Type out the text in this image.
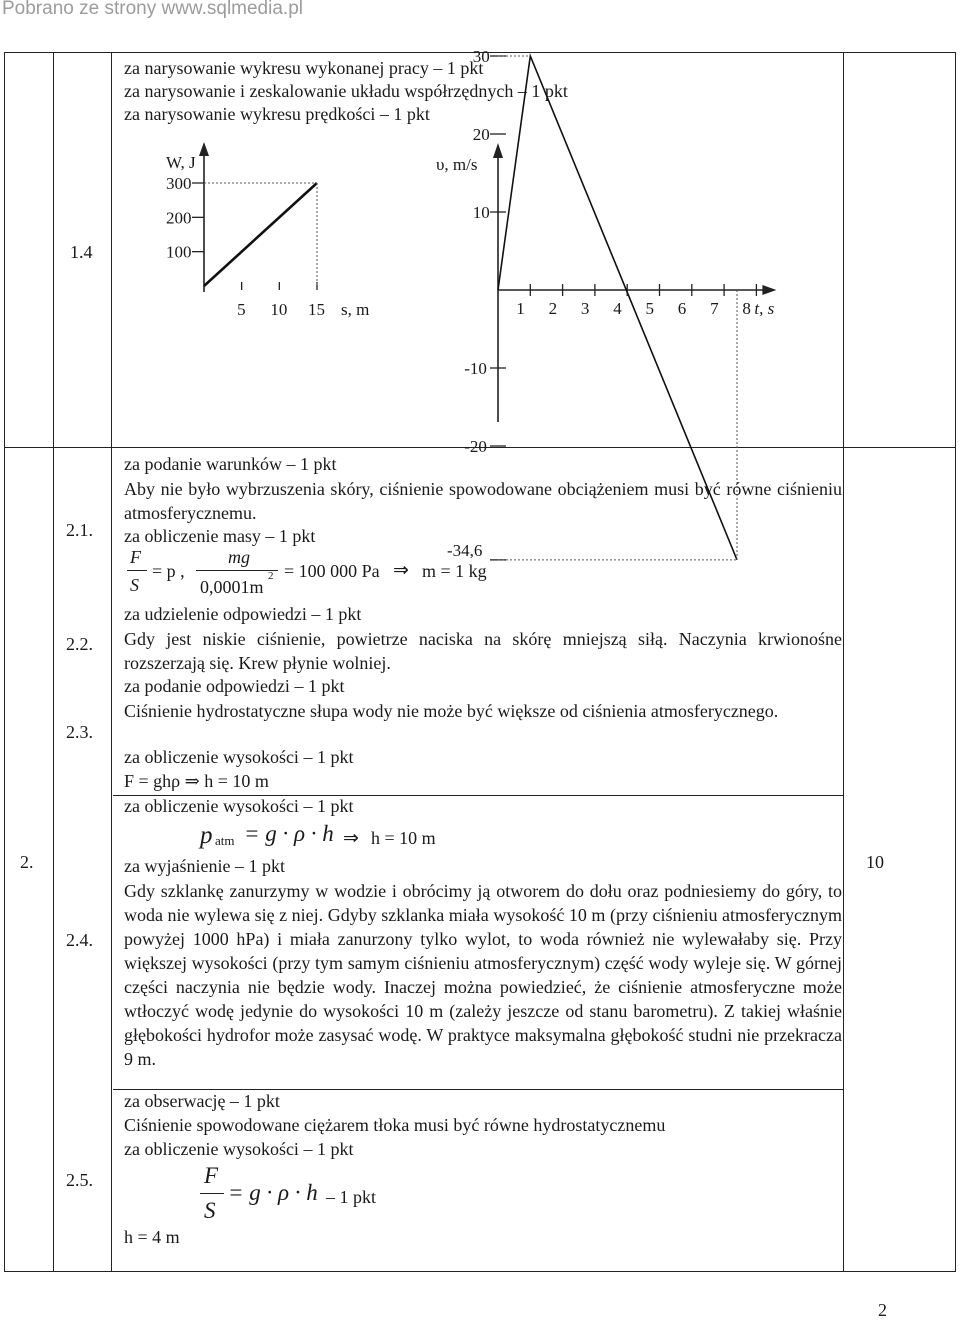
Pobrano ze strony www.sqlmedia.pl
1.4
za narysowanie wykresu wykonanej pracy – 1 pkt
za narysowanie i zeskalowanie układu współrzędnych – 1 pkt
za narysowanie wykresu prędkości – 1 pkt
W, J
5 10 15 s, m
300
200
100
υ, m/s
1 2 3 4 5 6 7 8 t, s
30
20
10
-10
-20
-34,6
2.	10
2.1.
2.2.
2.3.
2.4.
2.5.
za podanie warunków – 1 pkt
Aby nie było wybrzuszenia skóry, ciśnienie spowodowane obciążeniem musi być równe ciśnieniu atmosferycznemu.
za obliczenie masy – 1 pkt
F
S
= p ,
mg
0,0001m
2 = 100 000 Pa ⇒ m = 1 kg
za udzielenie odpowiedzi – 1 pkt
Gdy jest niskie ciśnienie, powietrze naciska na skórę mniejszą siłą. Naczynia krwionośne rozszerzają się. Krew płynie wolniej.
za podanie odpowiedzi – 1 pkt
Ciśnienie hydrostatyczne słupa wody nie może być większe od ciśnienia atmosferycznego.
za obliczenie wysokości – 1 pkt
F = ghρ ⇒ h = 10 m
za obliczenie wysokości – 1 pkt
p atm = g · ρ · h ⇒ h = 10 m
za wyjaśnienie – 1 pkt
Gdy szklankę zanurzymy w wodzie i obrócimy ją otworem do dołu oraz podniesiemy do góry, to woda nie wylewa się z niej. Gdyby szklanka miała wysokość 10 m (przy ciśnieniu atmosferycznym powyżej 1000 hPa) i miała zanurzony tylko wylot, to woda również nie wylewałaby się. Przy większej wysokości (przy tym samym ciśnieniu atmosferycznym) część wody wyleje się. W górnej części naczynia nie będzie wody. Inaczej można powiedzieć, że ciśnienie atmosferyczne może wtłoczyć wodę jedynie do wysokości 10 m (zależy jeszcze od stanu barometru). Z takiej właśnie głębokości hydrofor może zasysać wodę. W praktyce maksymalna głębokość studni nie przekracza 9 m.
za obserwację – 1 pkt
Ciśnienie spowodowane ciężarem tłoka musi być równe hydrostatycznemu
za obliczenie wysokości – 1 pkt
F
S
= g · ρ · h – 1 pkt
h = 4 m
2
